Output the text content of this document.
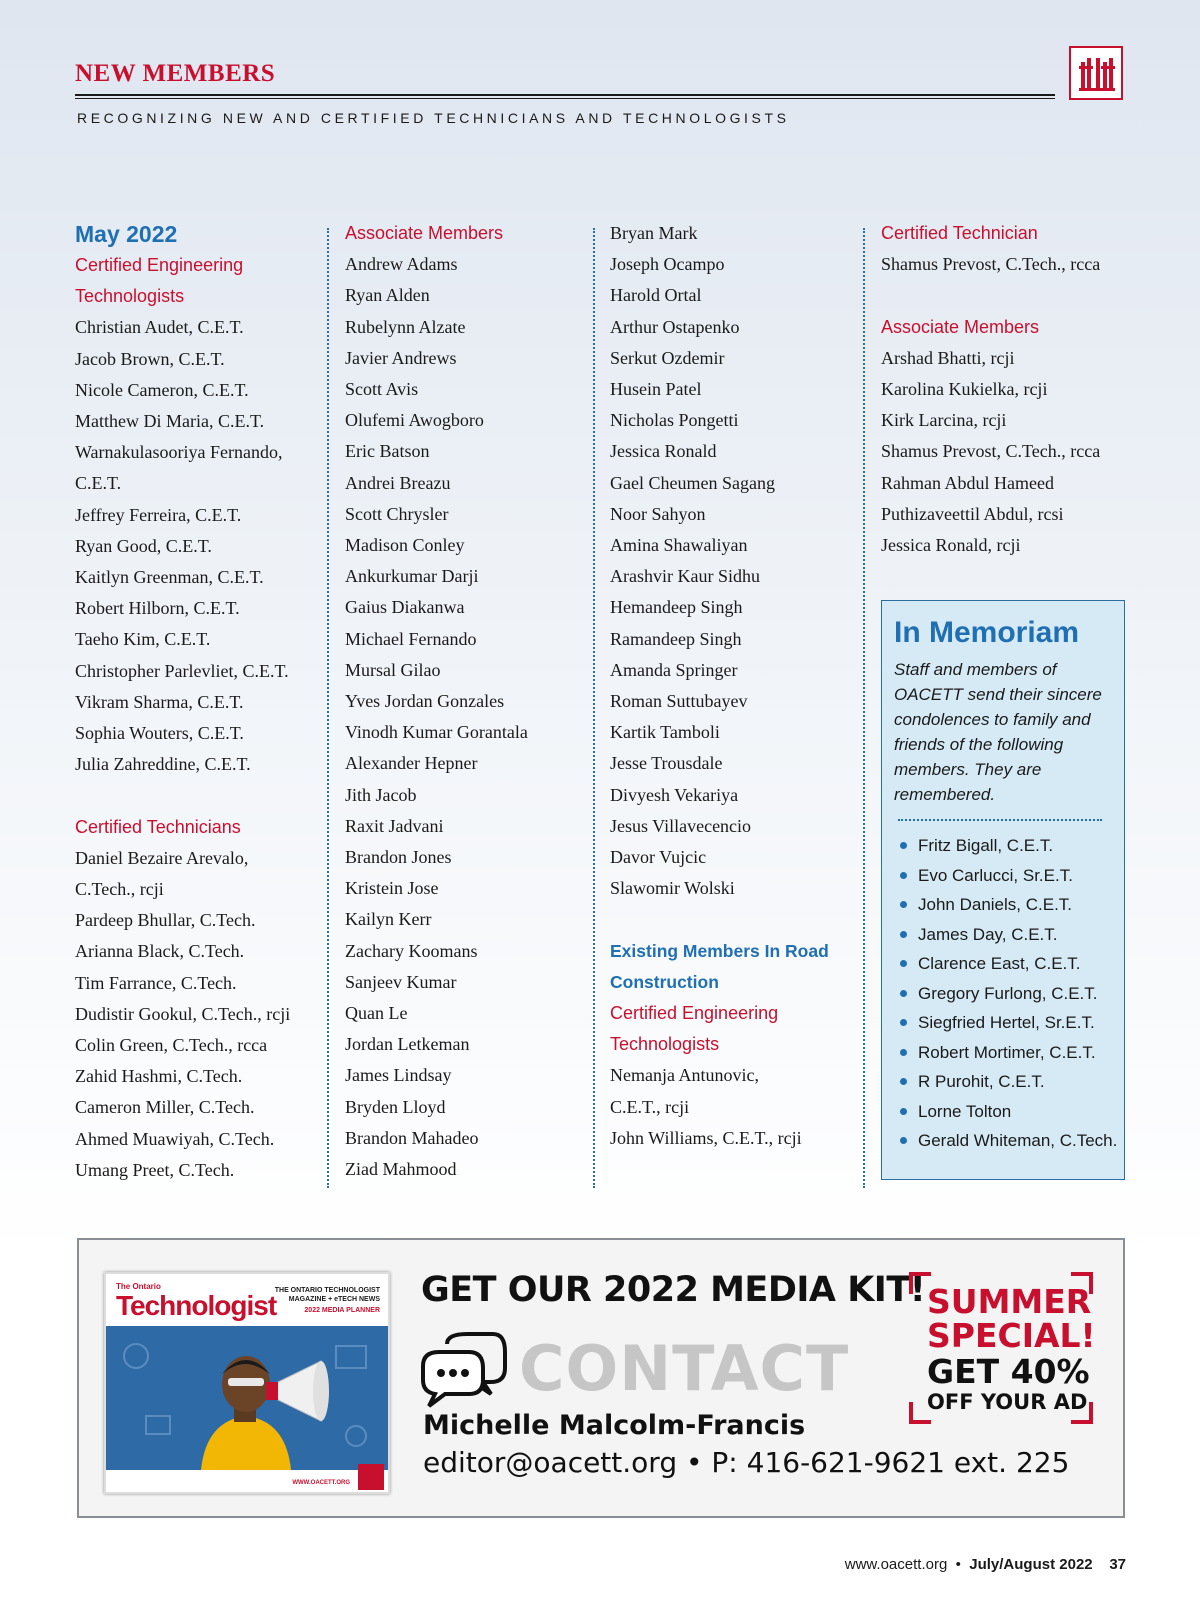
NEW MEMBERS
RECOGNIZING NEW AND CERTIFIED TECHNICIANS AND TECHNOLOGISTS
May 2022
Certified Engineering
Technologists
Christian Audet, C.E.T.
Jacob Brown, C.E.T.
Nicole Cameron, C.E.T.
Matthew Di Maria, C.E.T.
Warnakulasooriya Fernando,
C.E.T.
Jeffrey Ferreira, C.E.T.
Ryan Good, C.E.T.
Kaitlyn Greenman, C.E.T.
Robert Hilborn, C.E.T.
Taeho Kim, C.E.T.
Christopher Parlevliet, C.E.T.
Vikram Sharma, C.E.T.
Sophia Wouters, C.E.T.
Julia Zahreddine, C.E.T.
Certified Technicians
Daniel Bezaire Arevalo,
C.Tech., rcji
Pardeep Bhullar, C.Tech.
Arianna Black, C.Tech.
Tim Farrance, C.Tech.
Dudistir Gookul, C.Tech., rcji
Colin Green, C.Tech., rcca
Zahid Hashmi, C.Tech.
Cameron Miller, C.Tech.
Ahmed Muawiyah, C.Tech.
Umang Preet, C.Tech.
Associate Members
Andrew Adams
Ryan Alden
Rubelynn Alzate
Javier Andrews
Scott Avis
Olufemi Awogboro
Eric Batson
Andrei Breazu
Scott Chrysler
Madison Conley
Ankurkumar Darji
Gaius Diakanwa
Michael Fernando
Mursal Gilao
Yves Jordan Gonzales
Vinodh Kumar Gorantala
Alexander Hepner
Jith Jacob
Raxit Jadvani
Brandon Jones
Kristein Jose
Kailyn Kerr
Zachary Koomans
Sanjeev Kumar
Quan Le
Jordan Letkeman
James Lindsay
Bryden Lloyd
Brandon Mahadeo
Ziad Mahmood
Bryan Mark
Joseph Ocampo
Harold Ortal
Arthur Ostapenko
Serkut Ozdemir
Husein Patel
Nicholas Pongetti
Jessica Ronald
Gael Cheumen Sagang
Noor Sahyon
Amina Shawaliyan
Arashvir Kaur Sidhu
Hemandeep Singh
Ramandeep Singh
Amanda Springer
Roman Suttubayev
Kartik Tamboli
Jesse Trousdale
Divyesh Vekariya
Jesus Villavecencio
Davor Vujcic
Slawomir Wolski
Existing Members In Road
Construction
Certified Engineering
Technologists
Nemanja Antunovic,
C.E.T., rcji
John Williams, C.E.T., rcji
Certified Technician
Shamus Prevost, C.Tech., rcca
Associate Members
Arshad Bhatti, rcji
Karolina Kukielka, rcji
Kirk Larcina, rcji
Shamus Prevost, C.Tech., rcca
Rahman Abdul Hameed
Puthizaveettil Abdul, rcsi
Jessica Ronald, rcji
In Memoriam
Staff and members of OACETT send their sincere condolences to family and friends of the following members. They are remembered.
Fritz Bigall, C.E.T.
Evo Carlucci, Sr.E.T.
John Daniels, C.E.T.
James Day, C.E.T.
Clarence East, C.E.T.
Gregory Furlong, C.E.T.
Siegfried Hertel, Sr.E.T.
Robert Mortimer, C.E.T.
R Purohit, C.E.T.
Lorne Tolton
Gerald Whiteman, C.Tech.
The Ontario
Technologist
THE ONTARIO TECHNOLOGIST
MAGAZINE + eTECH NEWS
2022 MEDIA PLANNER
WWW.OACETT.ORG
GET OUR 2022 MEDIA KIT!
CONTACT
Michelle Malcolm-Francis
editor@oacett.org • P: 416-621-9621 ext. 225
SUMMER
SPECIAL!
GET 40%
OFF YOUR AD
www.oacett.org • July/August 2022 37
